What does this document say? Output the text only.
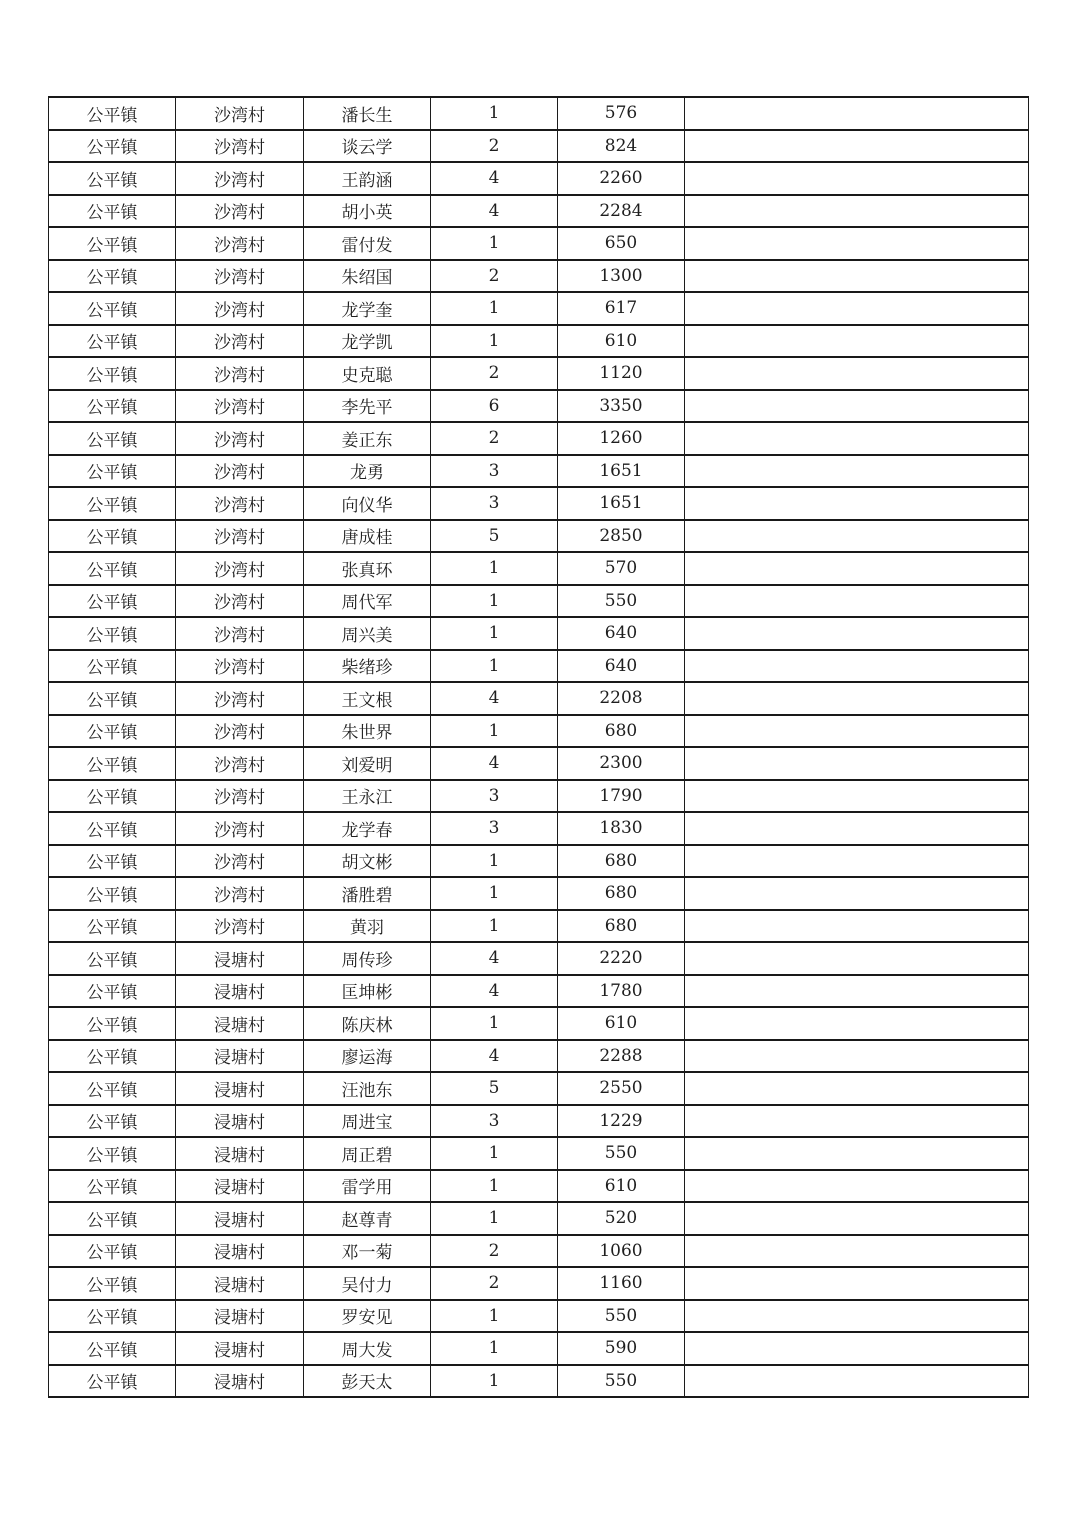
公平镇	沙湾村	潘长生	1	576	
公平镇	沙湾村	谈云学	2	824	
公平镇	沙湾村	王韵涵	4	2260	
公平镇	沙湾村	胡小英	4	2284	
公平镇	沙湾村	雷付发	1	650	
公平镇	沙湾村	朱绍国	2	1300	
公平镇	沙湾村	龙学奎	1	617	
公平镇	沙湾村	龙学凯	1	610	
公平镇	沙湾村	史克聪	2	1120	
公平镇	沙湾村	李先平	6	3350	
公平镇	沙湾村	姜正东	2	1260	
公平镇	沙湾村	龙勇	3	1651	
公平镇	沙湾村	向仪华	3	1651	
公平镇	沙湾村	唐成桂	5	2850	
公平镇	沙湾村	张真环	1	570	
公平镇	沙湾村	周代军	1	550	
公平镇	沙湾村	周兴美	1	640	
公平镇	沙湾村	柴绪珍	1	640	
公平镇	沙湾村	王文根	4	2208	
公平镇	沙湾村	朱世界	1	680	
公平镇	沙湾村	刘爱明	4	2300	
公平镇	沙湾村	王永江	3	1790	
公平镇	沙湾村	龙学春	3	1830	
公平镇	沙湾村	胡文彬	1	680	
公平镇	沙湾村	潘胜碧	1	680	
公平镇	沙湾村	黄羽	1	680	
公平镇	浸塘村	周传珍	4	2220	
公平镇	浸塘村	匡坤彬	4	1780	
公平镇	浸塘村	陈庆林	1	610	
公平镇	浸塘村	廖运海	4	2288	
公平镇	浸塘村	汪池东	5	2550	
公平镇	浸塘村	周进宝	3	1229	
公平镇	浸塘村	周正碧	1	550	
公平镇	浸塘村	雷学用	1	610	
公平镇	浸塘村	赵尊青	1	520	
公平镇	浸塘村	邓一菊	2	1060	
公平镇	浸塘村	吴付力	2	1160	
公平镇	浸塘村	罗安见	1	550	
公平镇	浸塘村	周大发	1	590	
公平镇	浸塘村	彭天太	1	550	
